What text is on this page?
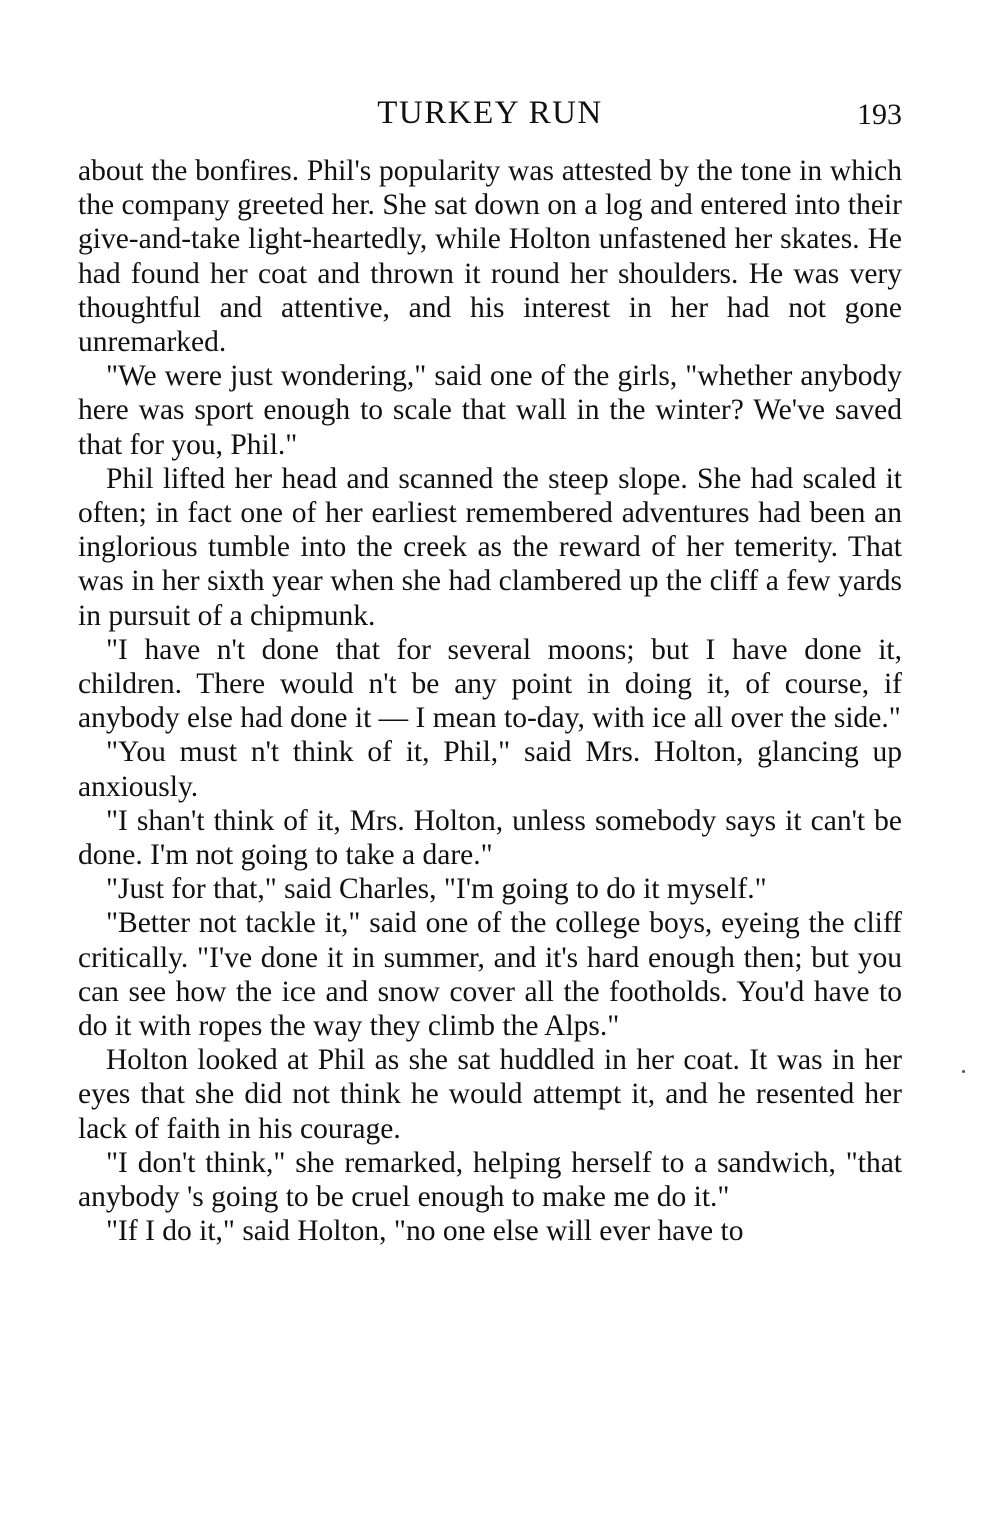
TURKEY RUN	193

about the bonfires. Phil's popularity was attested by the tone in which the company greeted her. She sat down on a log and entered into their give-and-take light-heartedly, while Holton unfastened her skates. He had found her coat and thrown it round her shoulders. He was very thoughtful and attentive, and his interest in her had not gone unremarked.

"We were just wondering," said one of the girls, "whether anybody here was sport enough to scale that wall in the winter? We've saved that for you, Phil."

Phil lifted her head and scanned the steep slope. She had scaled it often; in fact one of her earliest remembered adventures had been an inglorious tumble into the creek as the reward of her temerity. That was in her sixth year when she had clambered up the cliff a few yards in pursuit of a chipmunk.

"I have n't done that for several moons; but I have done it, children. There would n't be any point in doing it, of course, if anybody else had done it — I mean to-day, with ice all over the side."

"You must n't think of it, Phil," said Mrs. Holton, glancing up anxiously.

"I shan't think of it, Mrs. Holton, unless somebody says it can't be done. I'm not going to take a dare."

"Just for that," said Charles, "I'm going to do it myself."

"Better not tackle it," said one of the college boys, eyeing the cliff critically. "I've done it in summer, and it's hard enough then; but you can see how the ice and snow cover all the footholds. You'd have to do it with ropes the way they climb the Alps."

Holton looked at Phil as she sat huddled in her coat. It was in her eyes that she did not think he would attempt it, and he resented her lack of faith in his courage.

"I don't think," she remarked, helping herself to a sandwich, "that anybody 's going to be cruel enough to make me do it."

"If I do it," said Holton, "no one else will ever have to
